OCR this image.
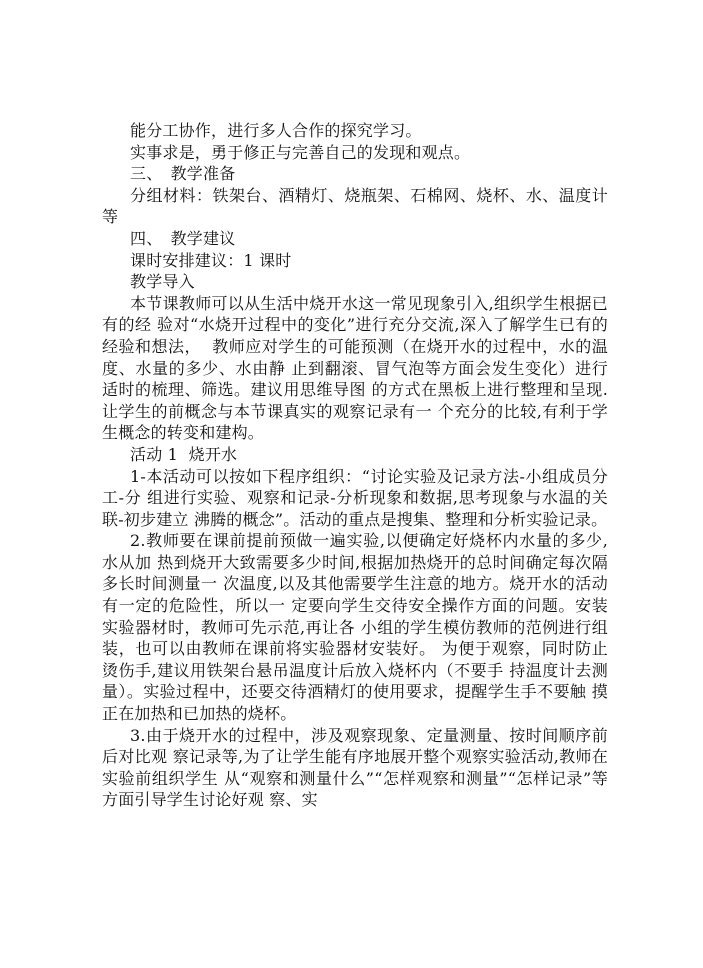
能分工协作，进行多人合作的探究学习。

实事求是，勇于修正与完善自己的发现和观点。

三、　教学准备

分组材料：铁架台、酒精灯、烧瓶架、石棉网、烧杯、水、温度计等

四、　教学建议

课时安排建议：1 课时

教学导入

本节课教师可以从生活中烧开水这一常见现象引入,组织学生根据已有的经 验对“水烧开过程中的变化”进行充分交流,深入了解学生已有的经验和想法，  教师应对学生的可能预测（在烧开水的过程中，水的温度、水量的多少、水由静 止到翻滚、冒气泡等方面会发生变化）进行适时的梳理、筛选。建议用思维导图 的方式在黑板上进行整理和呈现.让学生的前概念与本节课真实的观察记录有一 个充分的比较,有利于学生概念的转变和建构。

活动 1  烧开水

1-本活动可以按如下程序组织：“讨论实验及记录方法-小组成员分工-分 组进行实验、观察和记录-分析现象和数据,思考现象与水温的关联-初步建立 沸腾的概念”。活动的重点是搜集、整理和分析实验记录。

2.教师要在课前提前预做一遍实验,以便确定好烧杯内水量的多少,水从加 热到烧开大致需要多少时间,根据加热烧开的总时间确定每次隔多长时间测量一 次温度,以及其他需要学生注意的地方。烧开水的活动有一定的危险性，所以一 定要向学生交待安全操作方面的问题。安装实验器材时，教师可先示范,再让各 小组的学生模仿教师的范例进行组装，也可以由教师在课前将实验器材安装好。 为便于观察，同时防止烫伤手,建议用铁架台悬吊温度计后放入烧杯内（不要手 持温度计去测量）。实验过程中，还要交待酒精灯的使用要求，提醒学生手不要触 摸正在加热和已加热的烧杯。

3.由于烧开水的过程中，涉及观察现象、定量测量、按时间顺序前后对比观 察记录等,为了让学生能有序地展开整个观察实验活动,教师在实验前组织学生 从“观察和测量什么”“怎样观察和测量”“怎样记录”等方面引导学生讨论好观 察、实
